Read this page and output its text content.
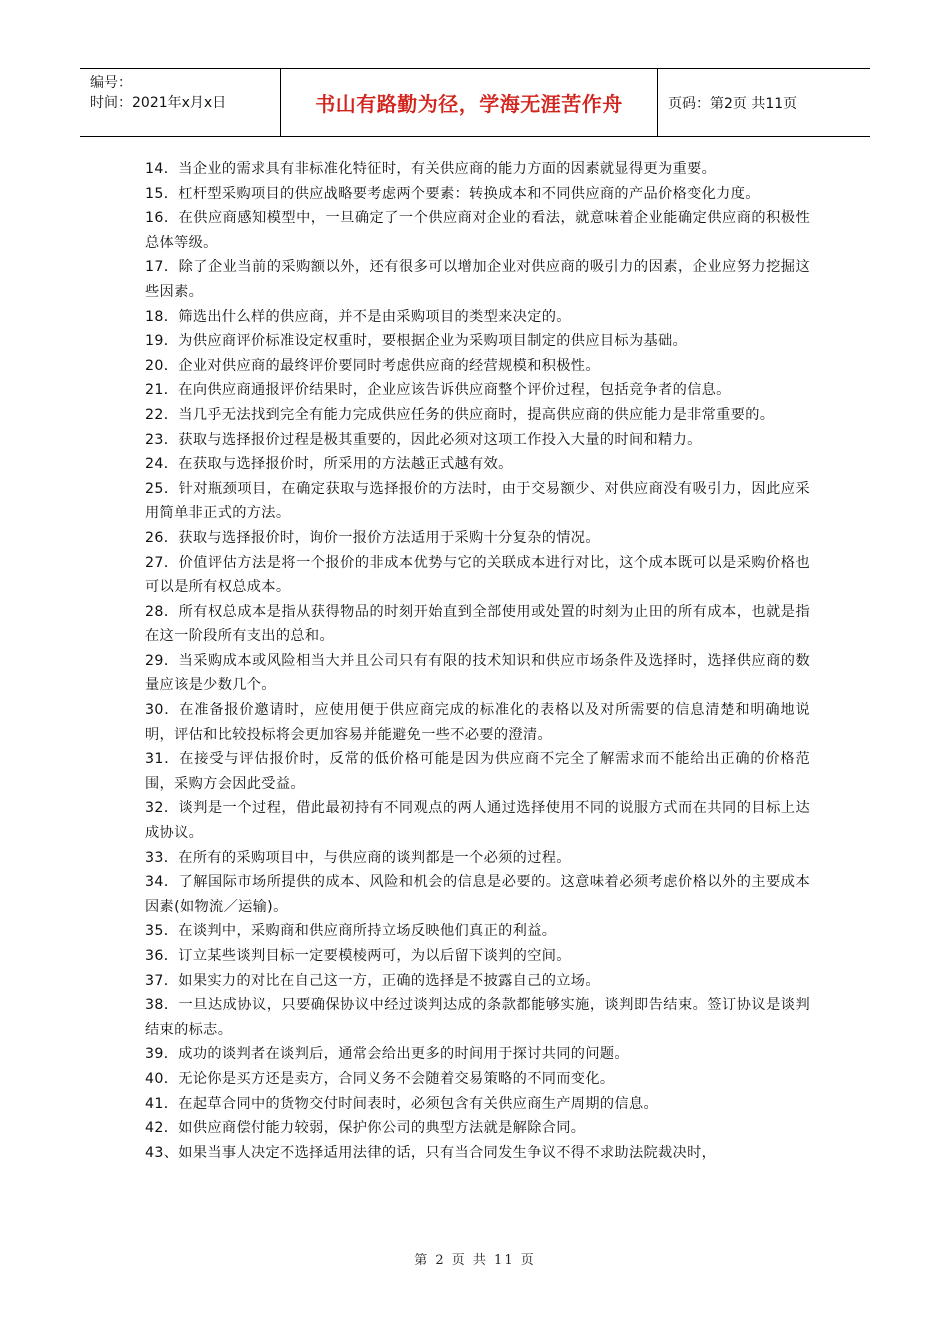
编号：
时间：2021年x月x日	书山有路勤为径，学海无涯苦作舟	页码：第2页 共11页

14．当企业的需求具有非标准化特征时，有关供应商的能力方面的因素就显得更为重要。

15．杠杆型采购项目的供应战略要考虑两个要素：转换成本和不同供应商的产品价格变化力度。

16．在供应商感知模型中，一旦确定了一个供应商对企业的看法，就意味着企业能确定供应商的积极性总体等级。

17．除了企业当前的采购额以外，还有很多可以增加企业对供应商的吸引力的因素，企业应努力挖掘这些因素。

18．筛选出什么样的供应商，并不是由采购项目的类型来决定的。

19．为供应商评价标准设定权重时，要根据企业为采购项目制定的供应目标为基础。

20．企业对供应商的最终评价要同时考虑供应商的经营规模和积极性。

21．在向供应商通报评价结果时，企业应该告诉供应商整个评价过程，包括竞争者的信息。

22．当几乎无法找到完全有能力完成供应任务的供应商时，提高供应商的供应能力是非常重要的。

23．获取与选择报价过程是极其重要的，因此必须对这项工作投入大量的时间和精力。

24．在获取与选择报价时，所采用的方法越正式越有效。

25．针对瓶颈项目，在确定获取与选择报价的方法时，由于交易额少、对供应商没有吸引力，因此应采用简单非正式的方法。

26．获取与选择报价时，询价一报价方法适用于采购十分复杂的情况。

27．价值评估方法是将一个报价的非成本优势与它的关联成本进行对比，这个成本既可以是采购价格也可以是所有权总成本。

28．所有权总成本是指从获得物品的时刻开始直到全部使用或处置的时刻为止田的所有成本，也就是指在这一阶段所有支出的总和。

29．当采购成本或风险相当大并且公司只有有限的技术知识和供应市场条件及选择时，选择供应商的数量应该是少数几个。

30．在准备报价邀请时，应使用便于供应商完成的标准化的表格以及对所需要的信息清楚和明确地说明，评估和比较投标将会更加容易并能避免一些不必要的澄清。

31．在接受与评估报价时，反常的低价格可能是因为供应商不完全了解需求而不能给出正确的价格范围，采购方会因此受益。

32．谈判是一个过程，借此最初持有不同观点的两人通过选择使用不同的说服方式而在共同的目标上达成协议。

33．在所有的采购项目中，与供应商的谈判都是一个必须的过程。

34．了解国际市场所提供的成本、风险和机会的信息是必要的。这意味着必须考虑价格以外的主要成本因素(如物流／运输)。

35．在谈判中，采购商和供应商所持立场反映他们真正的利益。

36．订立某些谈判目标一定要模棱两可，为以后留下谈判的空间。

37．如果实力的对比在自己这一方，正确的选择是不披露自己的立场。

38．一旦达成协议，只要确保协议中经过谈判达成的条款都能够实施，谈判即告结束。签订协议是谈判结束的标志。

39．成功的谈判者在谈判后，通常会给出更多的时间用于探讨共同的问题。

40．无论你是买方还是卖方，合同义务不会随着交易策略的不同而变化。

41．在起草合同中的货物交付时间表时，必须包含有关供应商生产周期的信息。

42．如供应商偿付能力较弱，保护你公司的典型方法就是解除合同。

43、如果当事人决定不选择适用法律的话，只有当合同发生争议不得不求助法院裁决时，

第 2 页 共 11 页
